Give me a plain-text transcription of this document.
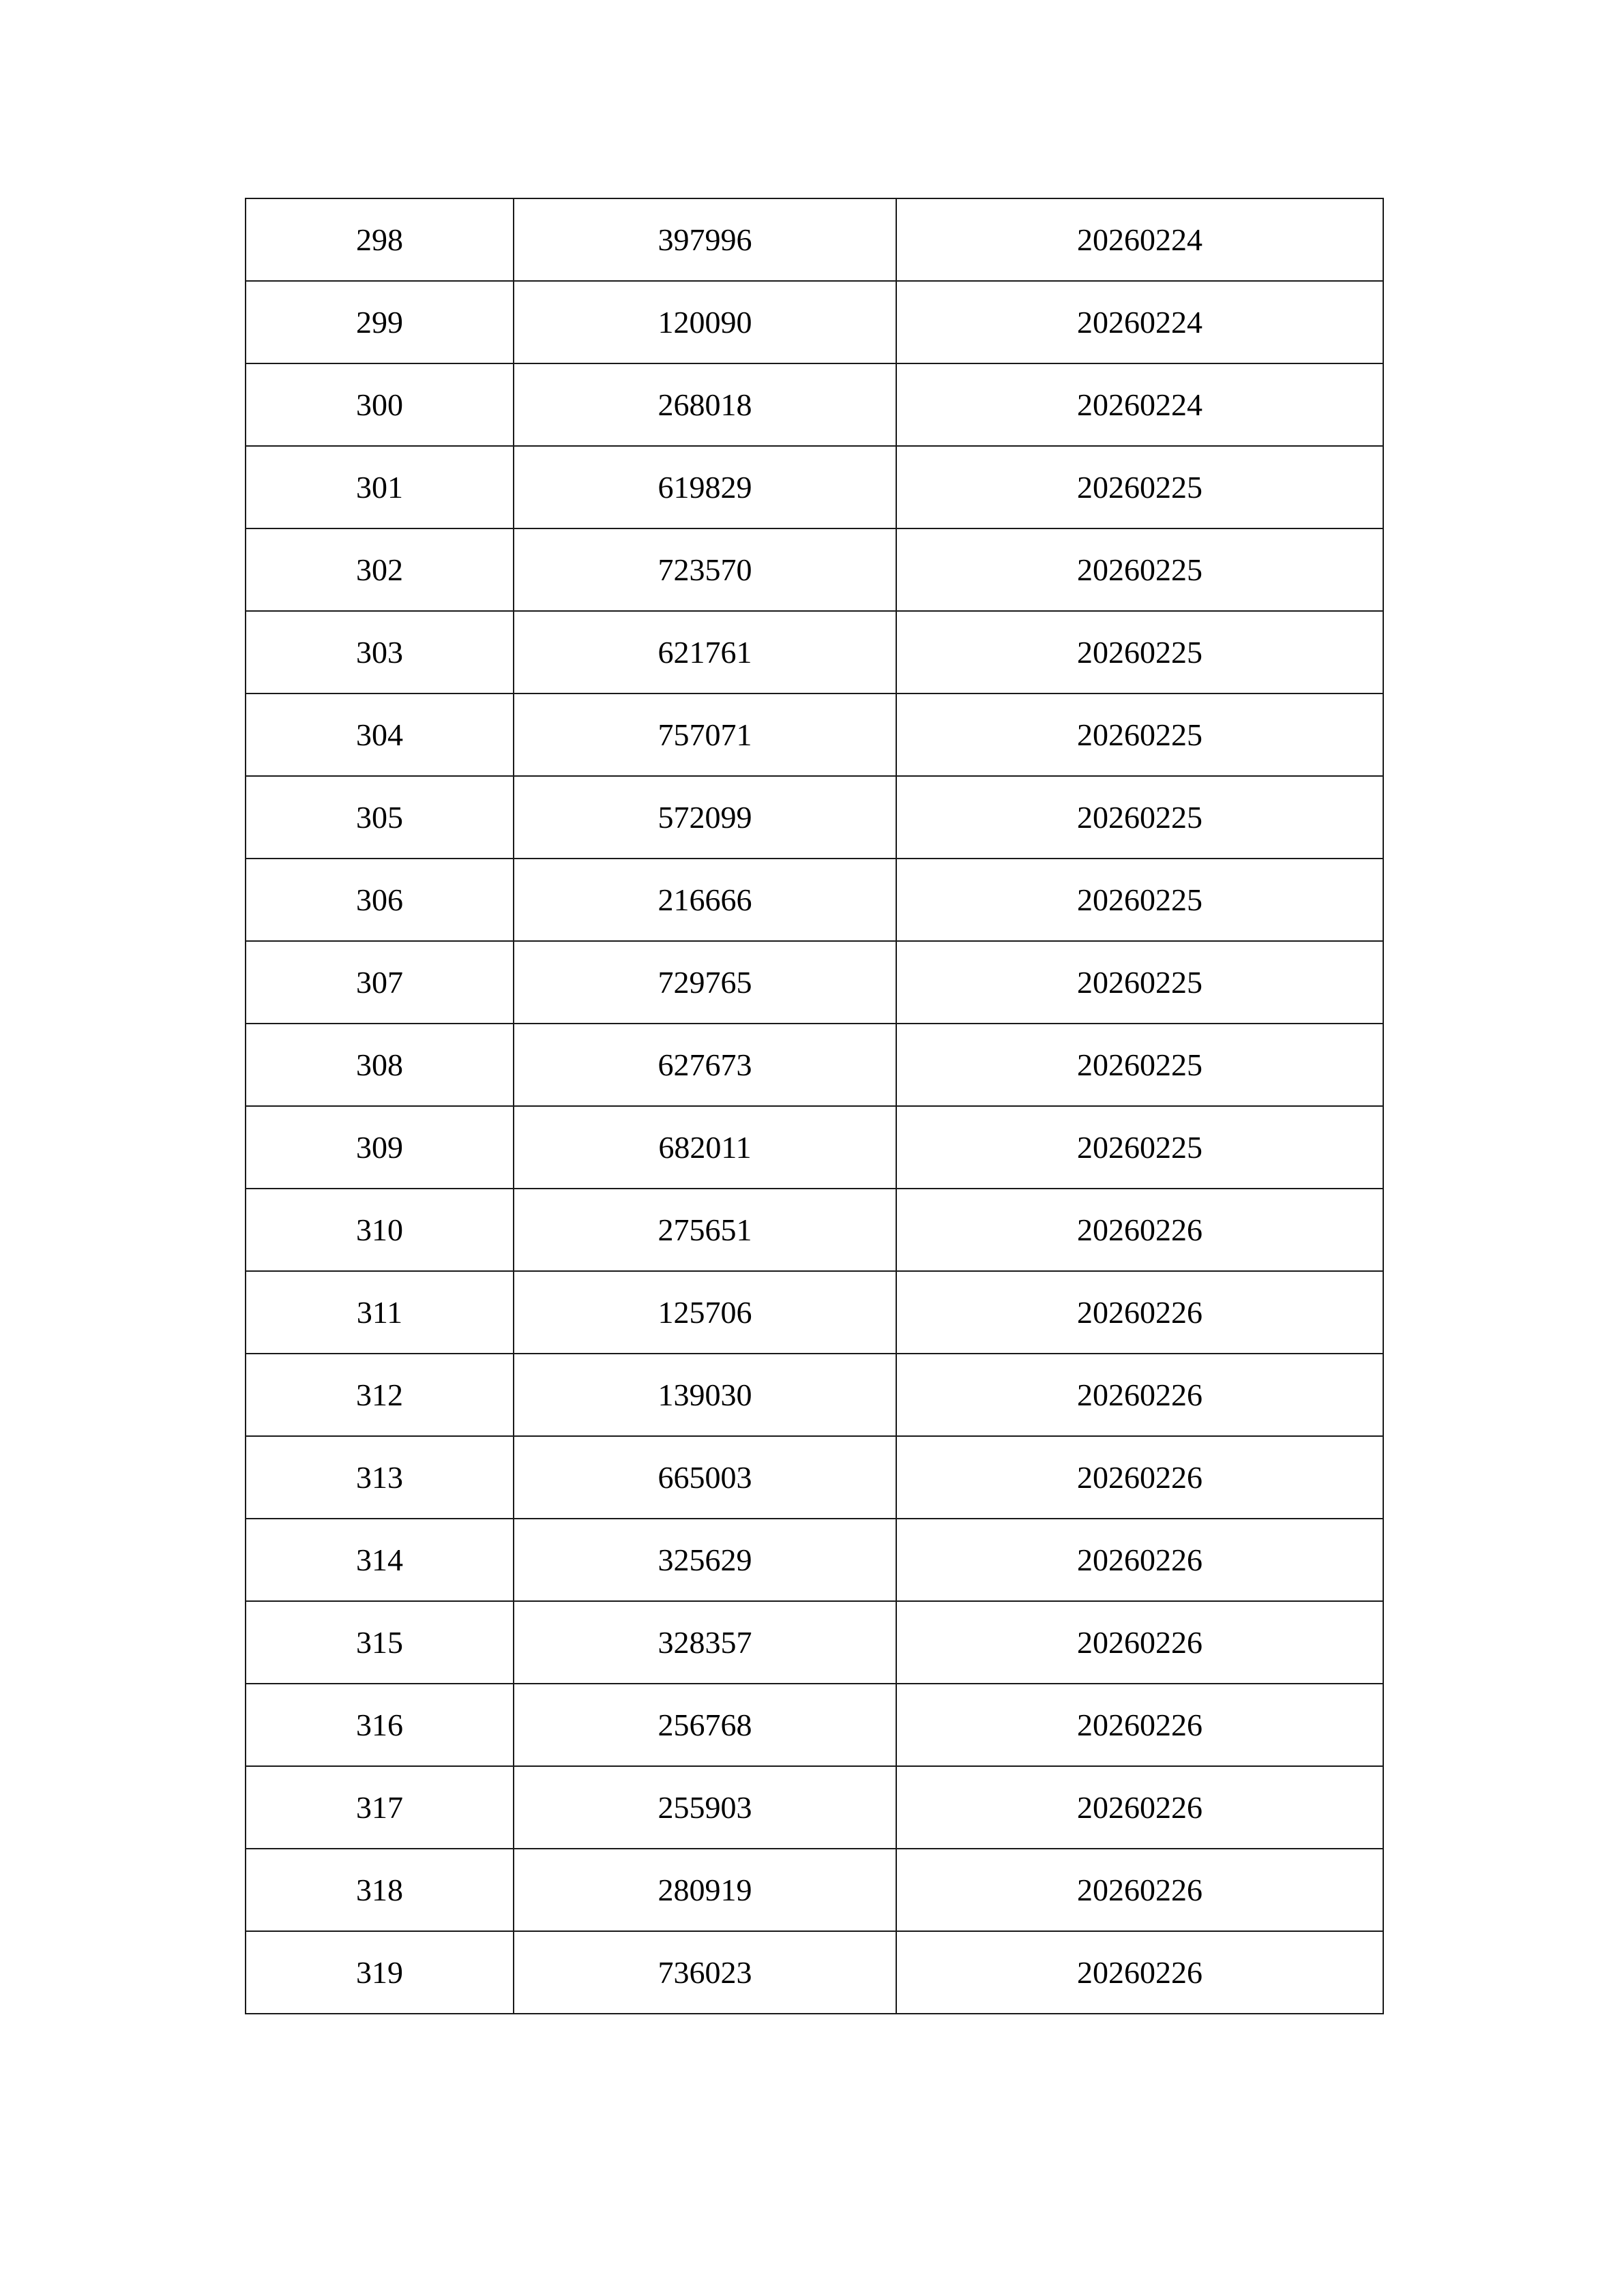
298	397996	20260224
299	120090	20260224
300	268018	20260224
301	619829	20260225
302	723570	20260225
303	621761	20260225
304	757071	20260225
305	572099	20260225
306	216666	20260225
307	729765	20260225
308	627673	20260225
309	682011	20260225
310	275651	20260226
311	125706	20260226
312	139030	20260226
313	665003	20260226
314	325629	20260226
315	328357	20260226
316	256768	20260226
317	255903	20260226
318	280919	20260226
319	736023	20260226
